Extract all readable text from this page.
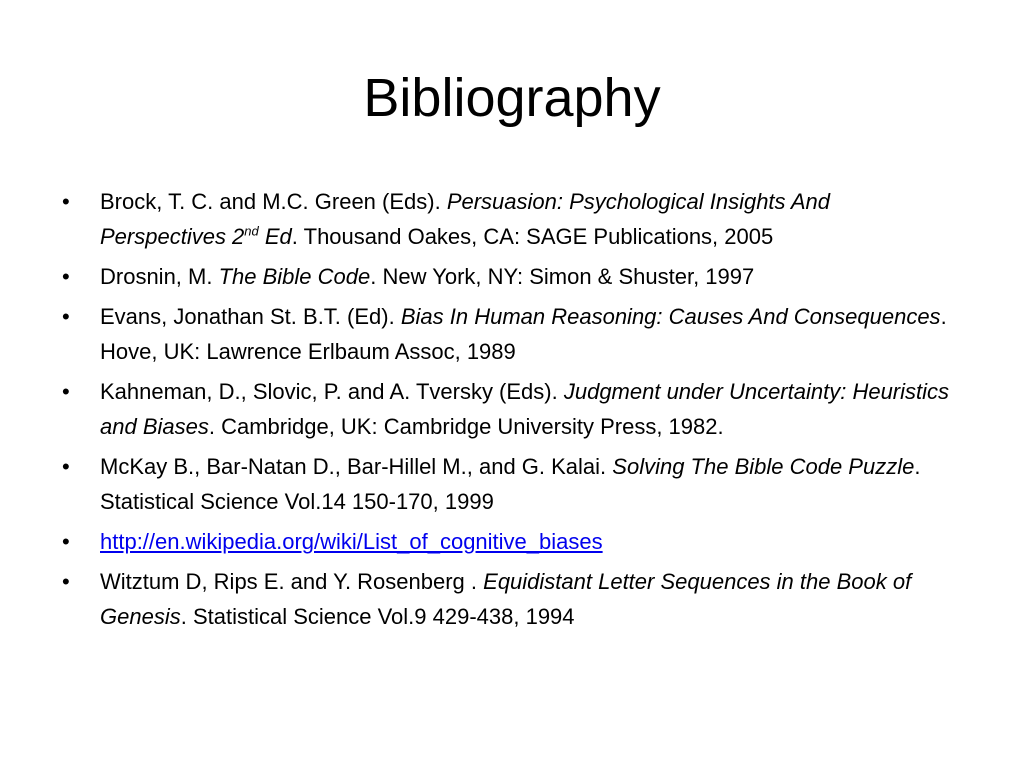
Bibliography
• Brock, T. C. and M.C. Green (Eds). Persuasion: Psychological Insights And Perspectives 2nd Ed. Thousand Oakes, CA: SAGE Publications, 2005
• Drosnin, M. The Bible Code. New York, NY: Simon & Shuster, 1997
• Evans, Jonathan St. B.T. (Ed). Bias In Human Reasoning: Causes And Consequences. Hove, UK: Lawrence Erlbaum Assoc, 1989
• Kahneman, D., Slovic, P. and A. Tversky (Eds). Judgment under Uncertainty: Heuristics and Biases. Cambridge, UK: Cambridge University Press, 1982.
• McKay B., Bar-Natan D., Bar-Hillel M., and G. Kalai. Solving The Bible Code Puzzle. Statistical Science Vol.14 150-170, 1999
• http://en.wikipedia.org/wiki/List_of_cognitive_biases
• Witztum D, Rips E. and Y. Rosenberg . Equidistant Letter Sequences in the Book of Genesis. Statistical Science Vol.9 429-438, 1994
